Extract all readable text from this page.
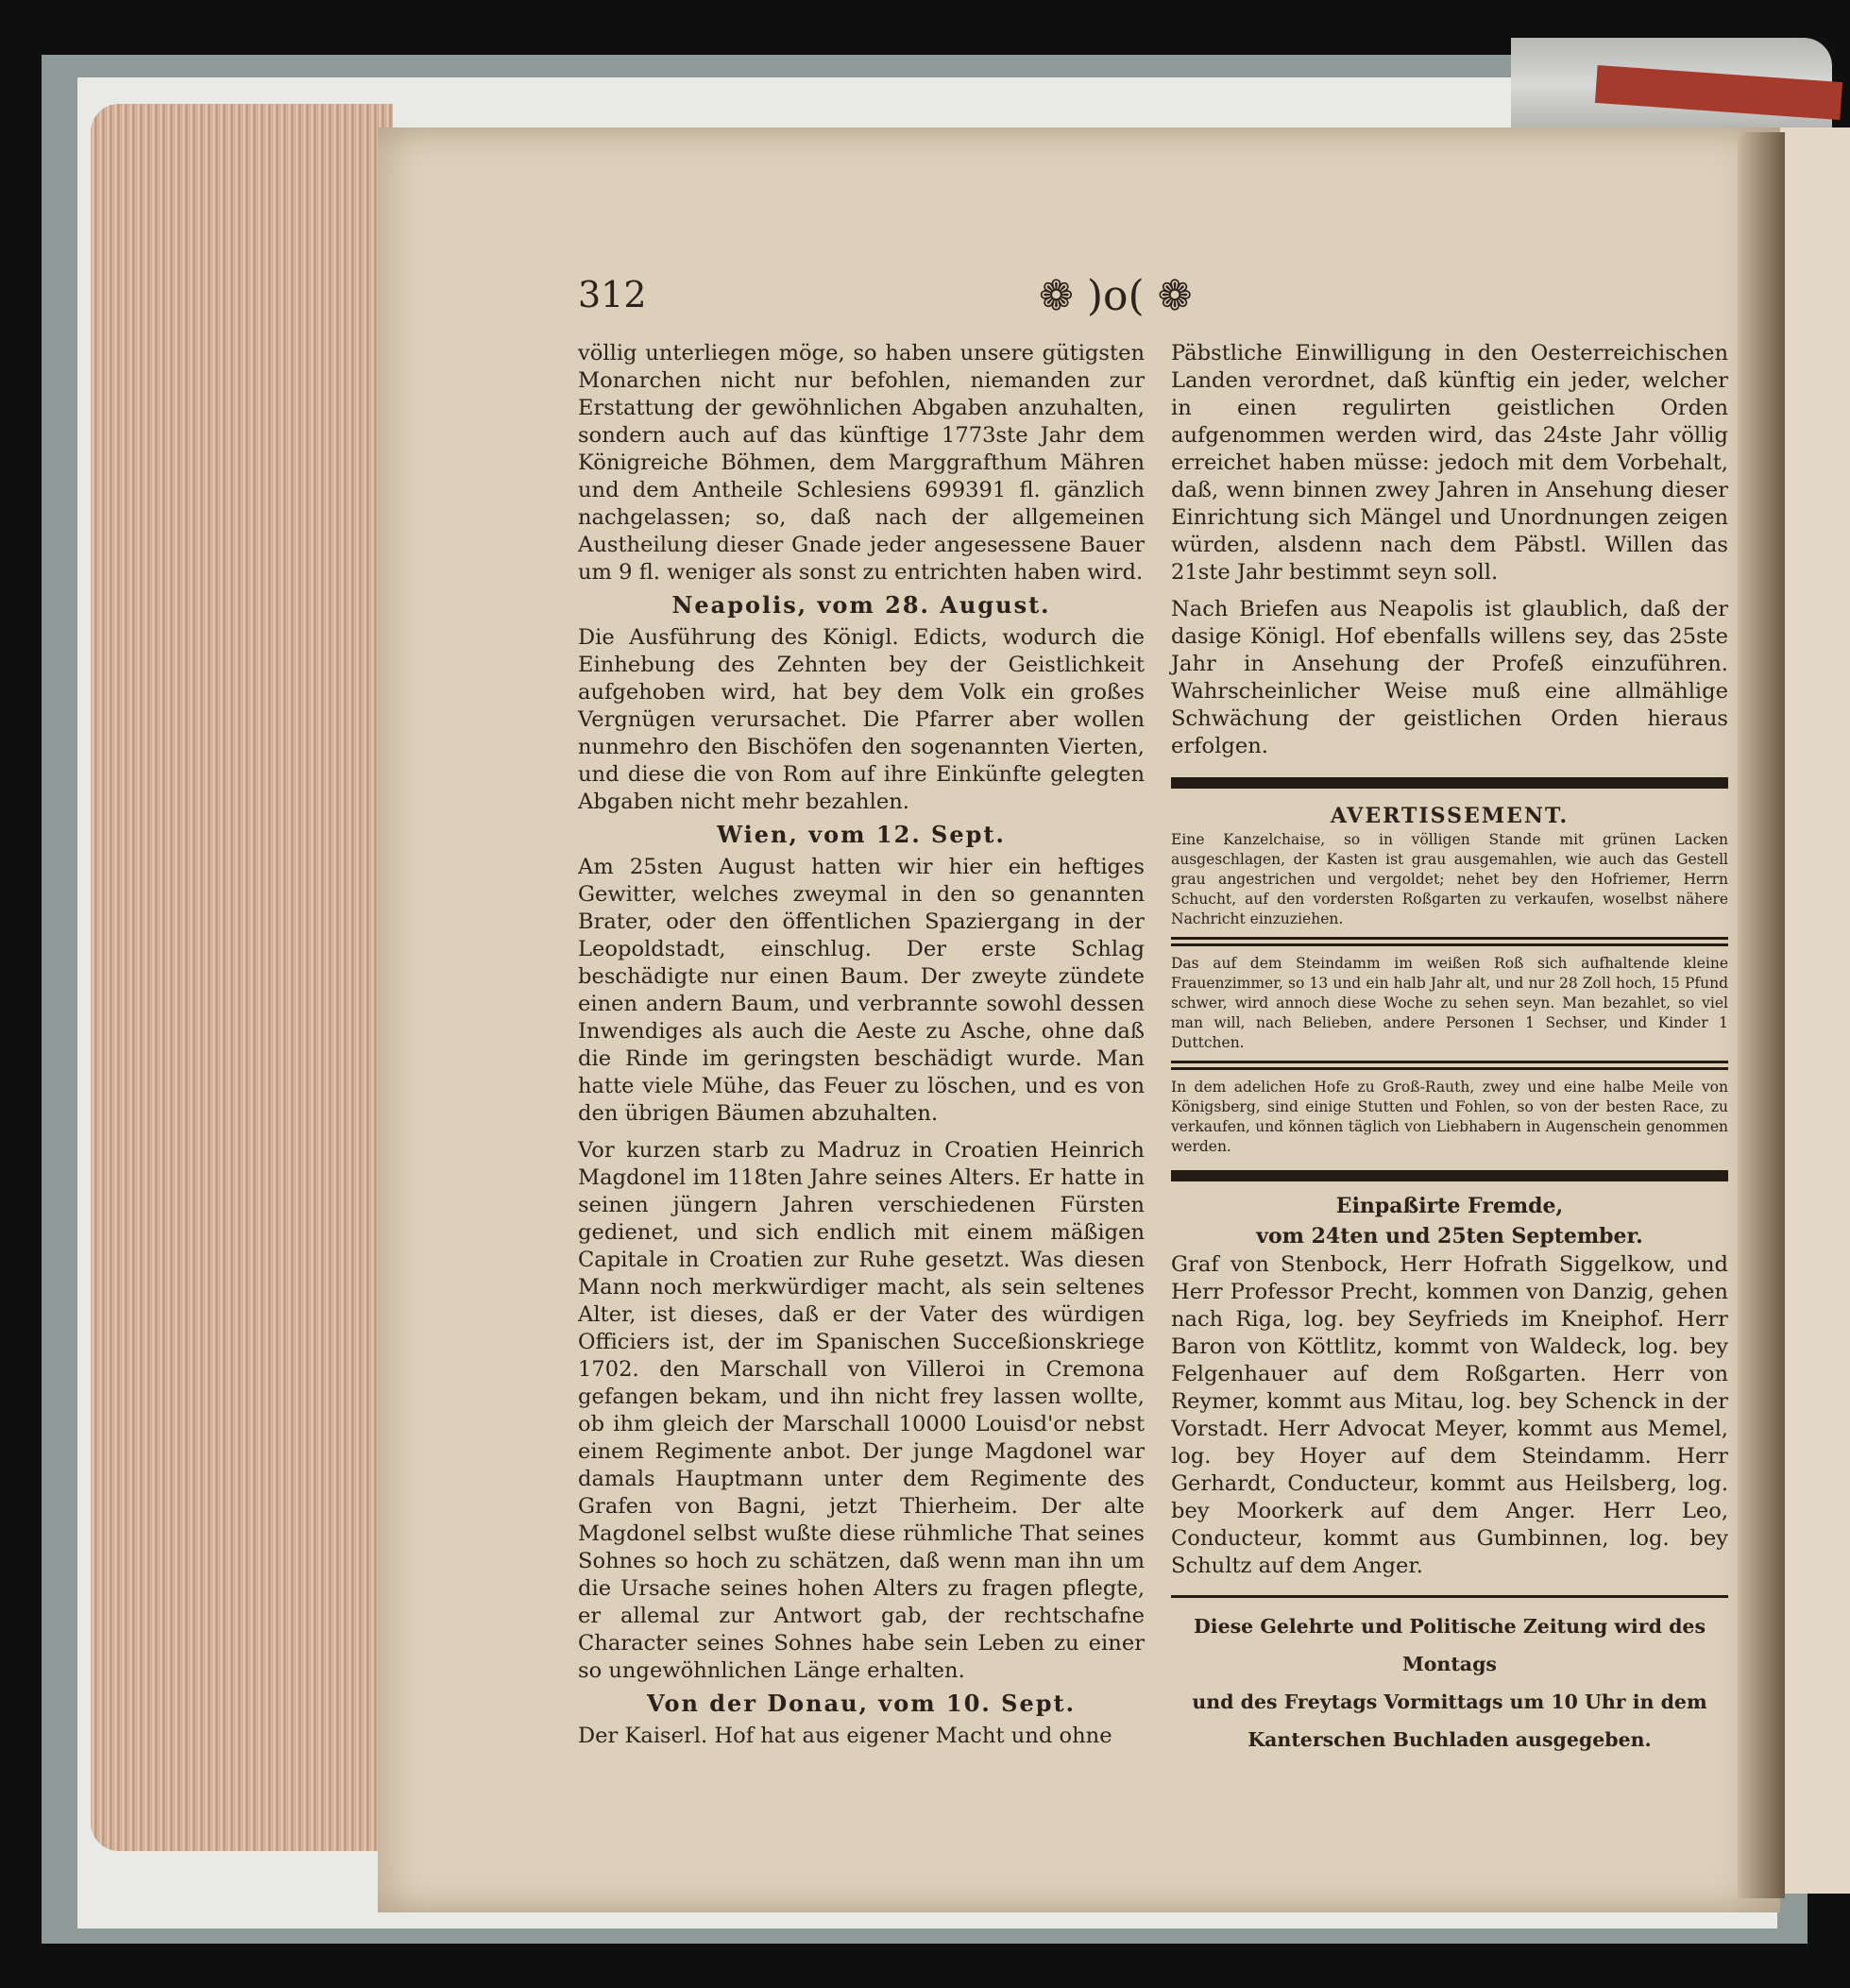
312	❁ )o( ❁

völlig unterliegen möge, so haben unsere gütigsten Monarchen nicht nur befohlen, niemanden zur Erstattung der gewöhnlichen Abgaben anzuhalten, sondern auch auf das künftige 1773ste Jahr dem Königreiche Böhmen, dem Marggrafthum Mähren und dem Antheile Schlesiens 699391 fl. gänzlich nachgelassen; so, daß nach der allgemeinen Austheilung dieser Gnade jeder angesessene Bauer um 9 fl. weniger als sonst zu entrichten haben wird.

Neapolis, vom 28. August.

Die Ausführung des Königl. Edicts, wodurch die Einhebung des Zehnten bey der Geistlichkeit aufgehoben wird, hat bey dem Volk ein großes Vergnügen verursachet. Die Pfarrer aber wollen nunmehro den Bischöfen den sogenannten Vierten, und diese die von Rom auf ihre Einkünfte gelegten Abgaben nicht mehr bezahlen.

Wien, vom 12. Sept.

Am 25sten August hatten wir hier ein heftiges Gewitter, welches zweymal in den so genannten Brater, oder den öffentlichen Spaziergang in der Leopoldstadt, einschlug. Der erste Schlag beschädigte nur einen Baum. Der zweyte zündete einen andern Baum, und verbrannte sowohl dessen Inwendiges als auch die Aeste zu Asche, ohne daß die Rinde im geringsten beschädigt wurde. Man hatte viele Mühe, das Feuer zu löschen, und es von den übrigen Bäumen abzuhalten.

Vor kurzen starb zu Madruz in Croatien Heinrich Magdonel im 118ten Jahre seines Alters. Er hatte in seinen jüngern Jahren verschiedenen Fürsten gedienet, und sich endlich mit einem mäßigen Capitale in Croatien zur Ruhe gesetzt. Was diesen Mann noch merkwürdiger macht, als sein seltenes Alter, ist dieses, daß er der Vater des würdigen Officiers ist, der im Spanischen Succeßionskriege 1702. den Marschall von Villeroi in Cremona gefangen bekam, und ihn nicht frey lassen wollte, ob ihm gleich der Marschall 10000 Louisd'or nebst einem Regimente anbot. Der junge Magdonel war damals Hauptmann unter dem Regimente des Grafen von Bagni, jetzt Thierheim. Der alte Magdonel selbst wußte diese rühmliche That seines Sohnes so hoch zu schätzen, daß wenn man ihn um die Ursache seines hohen Alters zu fragen pflegte, er allemal zur Antwort gab, der rechtschafne Character seines Sohnes habe sein Leben zu einer so ungewöhnlichen Länge erhalten.

Von der Donau, vom 10. Sept.

Der Kaiserl. Hof hat aus eigener Macht und ohne

Päbstliche Einwilligung in den Oesterreichischen Landen verordnet, daß künftig ein jeder, welcher in einen regulirten geistlichen Orden aufgenommen werden wird, das 24ste Jahr völlig erreichet haben müsse: jedoch mit dem Vorbehalt, daß, wenn binnen zwey Jahren in Ansehung dieser Einrichtung sich Mängel und Unordnungen zeigen würden, alsdenn nach dem Päbstl. Willen das 21ste Jahr bestimmt seyn soll.

Nach Briefen aus Neapolis ist glaublich, daß der dasige Königl. Hof ebenfalls willens sey, das 25ste Jahr in Ansehung der Profeß einzuführen. Wahrscheinlicher Weise muß eine allmählige Schwächung der geistlichen Orden hieraus erfolgen.

AVERTISSEMENT.

Eine Kanzelchaise, so in völligen Stande mit grünen Lacken ausgeschlagen, der Kasten ist grau ausgemahlen, wie auch das Gestell grau angestrichen und vergoldet; nehet bey den Hofriemer, Herrn Schucht, auf den vordersten Roßgarten zu verkaufen, woselbst nähere Nachricht einzuziehen.

Das auf dem Steindamm im weißen Roß sich aufhaltende kleine Frauenzimmer, so 13 und ein halb Jahr alt, und nur 28 Zoll hoch, 15 Pfund schwer, wird annoch diese Woche zu sehen seyn. Man bezahlet, so viel man will, nach Belieben, andere Personen 1 Sechser, und Kinder 1 Duttchen.

In dem adelichen Hofe zu Groß-Rauth, zwey und eine halbe Meile von Königsberg, sind einige Stutten und Fohlen, so von der besten Race, zu verkaufen, und können täglich von Liebhabern in Augenschein genommen werden.

Einpaßirte Fremde,
vom 24ten und 25ten September.

Graf von Stenbock, Herr Hofrath Siggelkow, und Herr Professor Precht, kommen von Danzig, gehen nach Riga, log. bey Seyfrieds im Kneiphof. Herr Baron von Köttlitz, kommt von Waldeck, log. bey Felgenhauer auf dem Roßgarten. Herr von Reymer, kommt aus Mitau, log. bey Schenck in der Vorstadt. Herr Advocat Meyer, kommt aus Memel, log. bey Hoyer auf dem Steindamm. Herr Gerhardt, Conducteur, kommt aus Heilsberg, log. bey Moorkerk auf dem Anger. Herr Leo, Conducteur, kommt aus Gumbinnen, log. bey Schultz auf dem Anger.

Diese Gelehrte und Politische Zeitung wird des Montags
und des Freytags Vormittags um 10 Uhr in dem
Kanterschen Buchladen ausgegeben.
